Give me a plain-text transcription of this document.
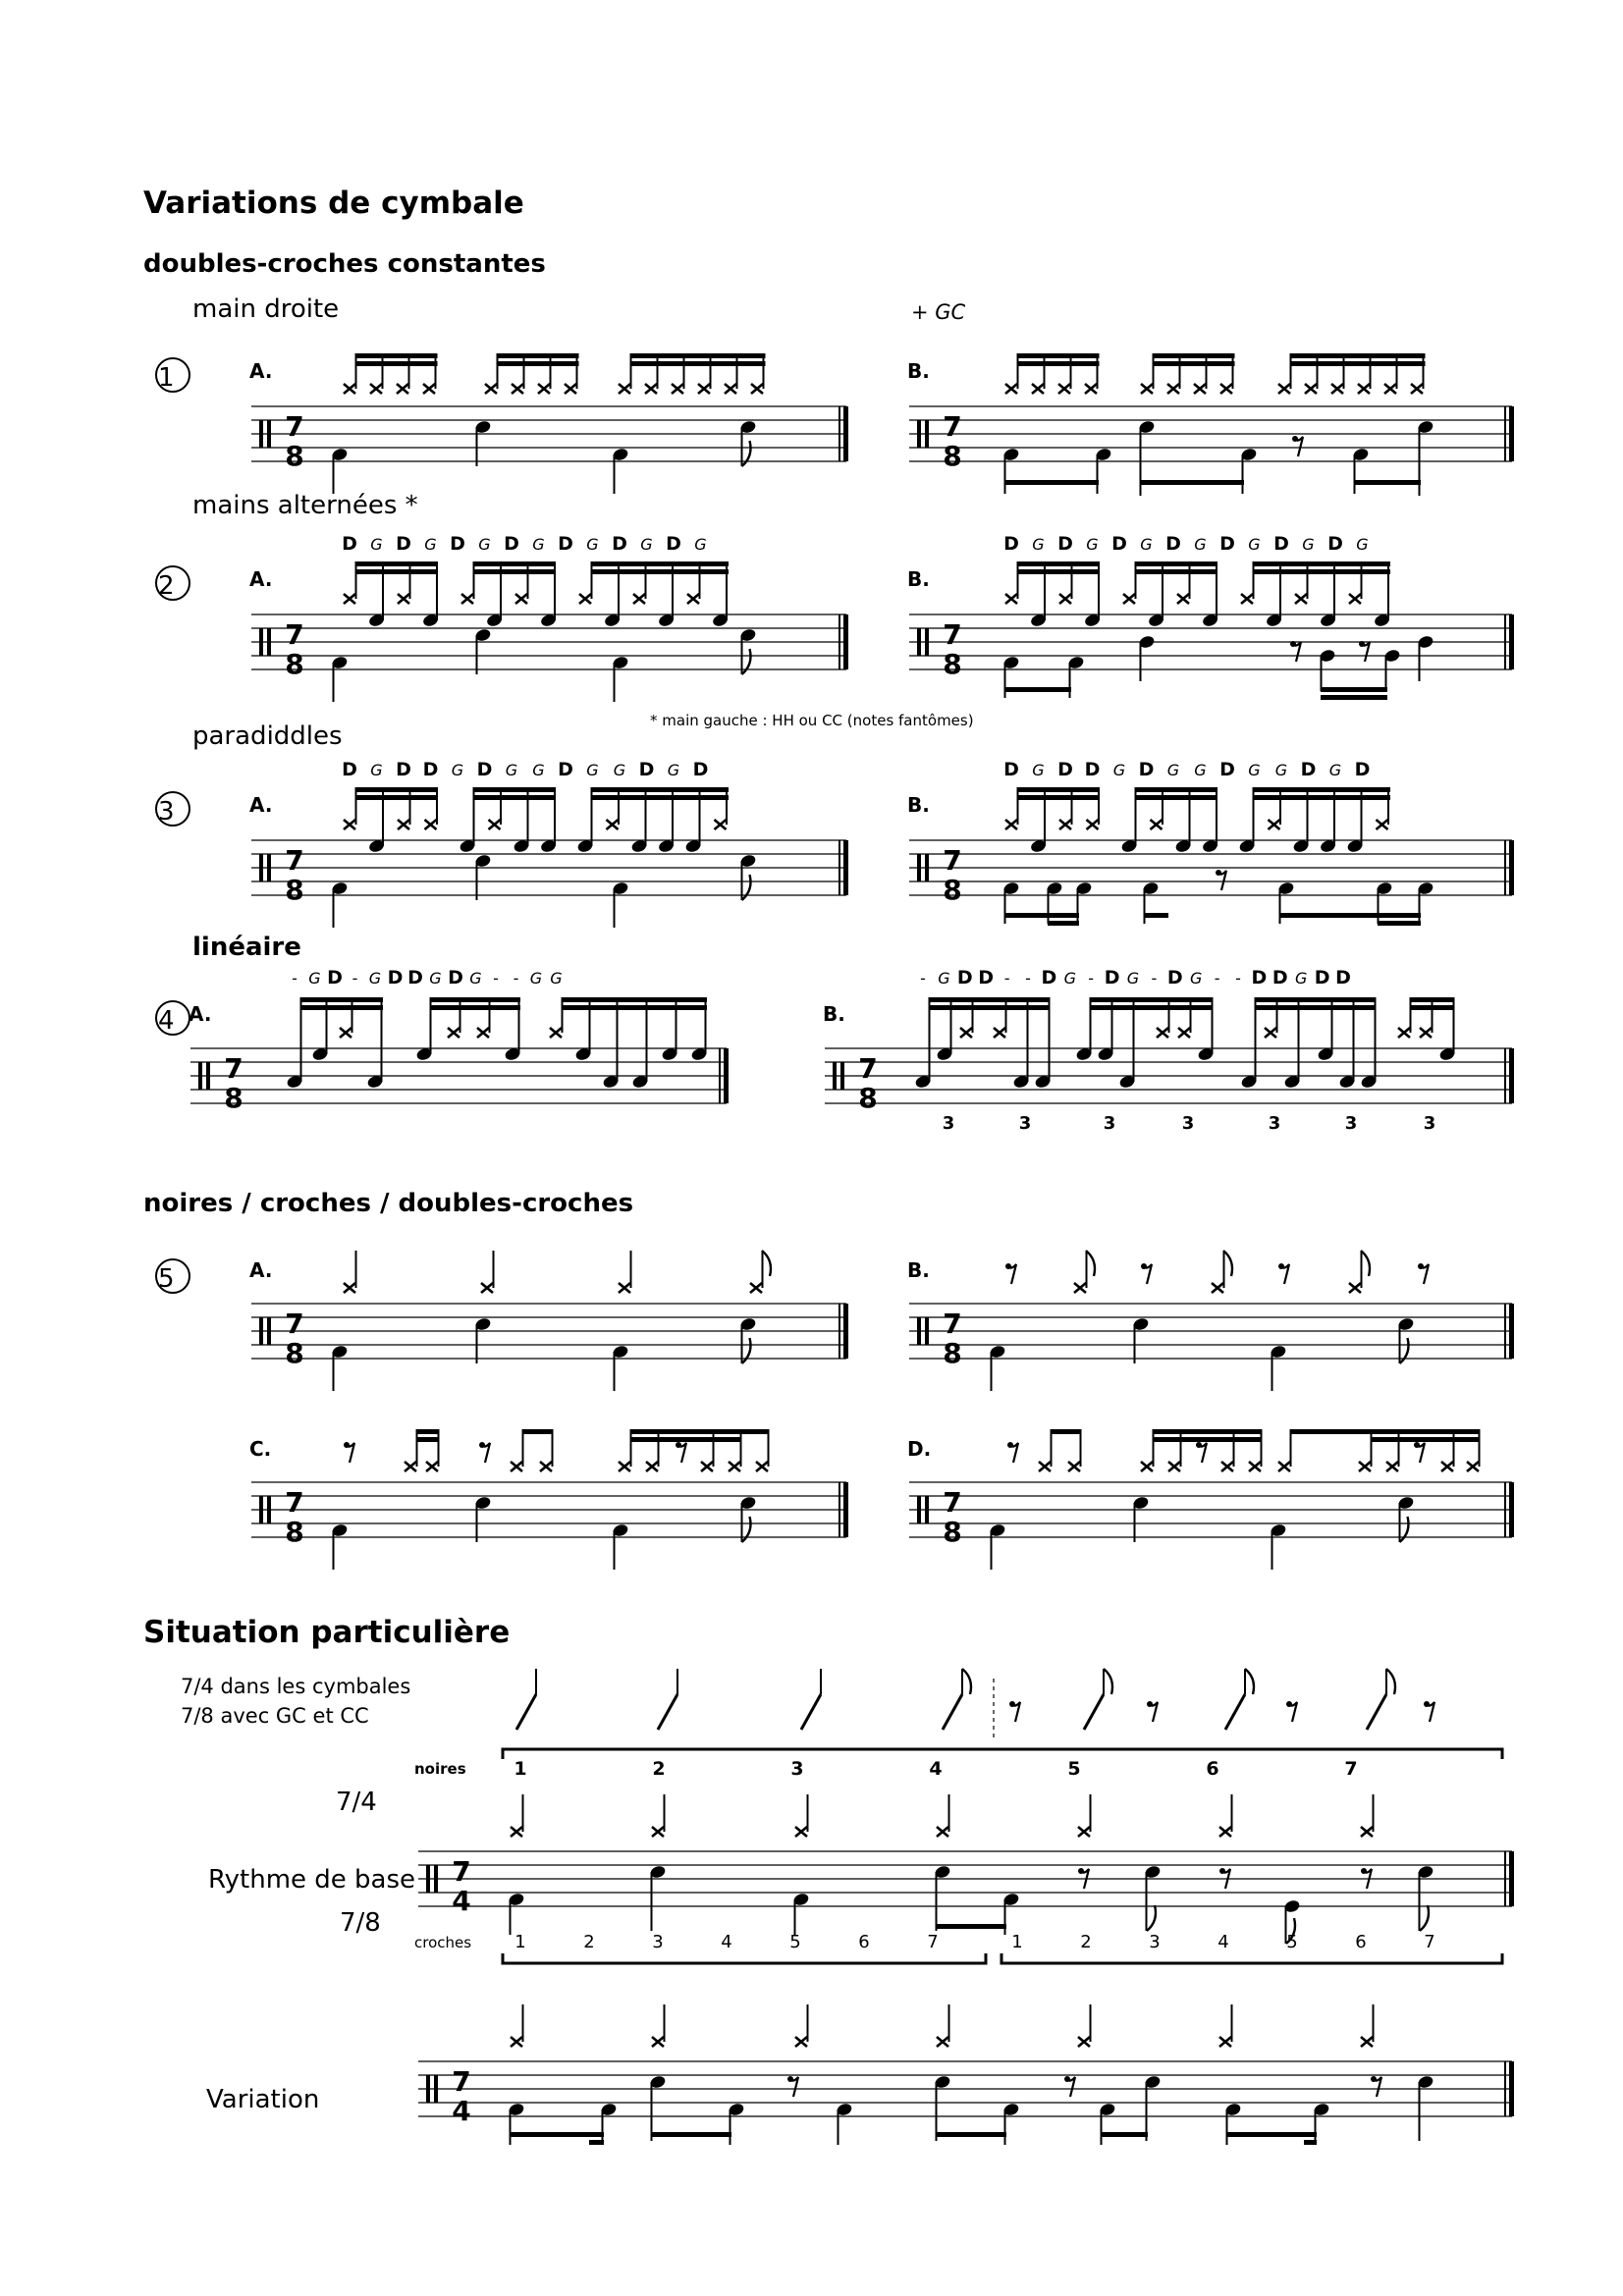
7
8
7
8
D G D G D G D G D G D G D G
7
8
D G D G D G D G D G D G D G
7
8
D G D D G D G G D G G D G D
7
8
D G D D G D G G D G G D G D
7
8
- G D - G D D G D G - - G G
7
8
- G D D - - D G - D G - D G - - D D G D D
7
8
3	3	3	3	3	3	3
7
8
7
8
7
8
7
8
1	2	3	4	5	6	7
1	2	3	4	5	6	7	1	2	3	4	5	6	7
7
4
7
4
Variations de cymbale
doubles-croches constantes
noires / croches / doubles-croches
Situation particulière
main droite	+ GC
mains alternées *
* main gauche : HH ou CC (notes fantômes)
paradiddles
linéaire
1
2
3
4
5
A.	B.
A.	B.
A.	B.
A.	B.
A.	B.
C.	D.
7/4 dans les cymbales
7/8 avec GC et CC
noires
7/4
Rythme de base
7/8
croches
Variation
